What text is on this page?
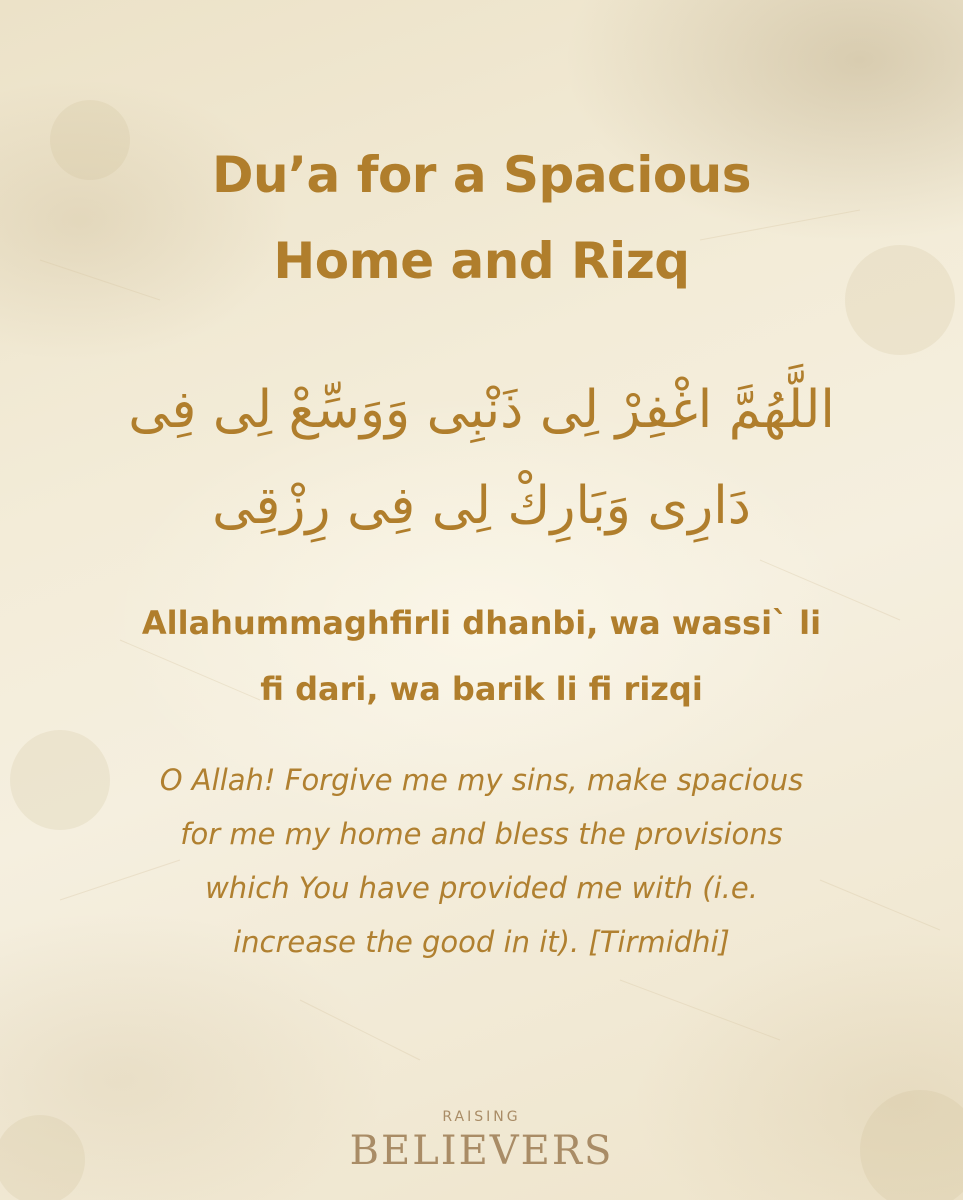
Du’a for a Spacious
Home and Rizq
اللَّهُمَّ اغْفِرْ لِى ذَنْبِى وَوَسِّعْ لِى فِى
دَارِى وَبَارِكْ لِى فِى رِزْقِى
Allahummaghfirli dhanbi, wa wassi` li
fi dari, wa barik li fi rizqi
O Allah! Forgive me my sins, make spacious
for me my home and bless the provisions
which You have provided me with (i.e.
increase the good in it). [Tirmidhi]
RAISING
BELIEVERS
